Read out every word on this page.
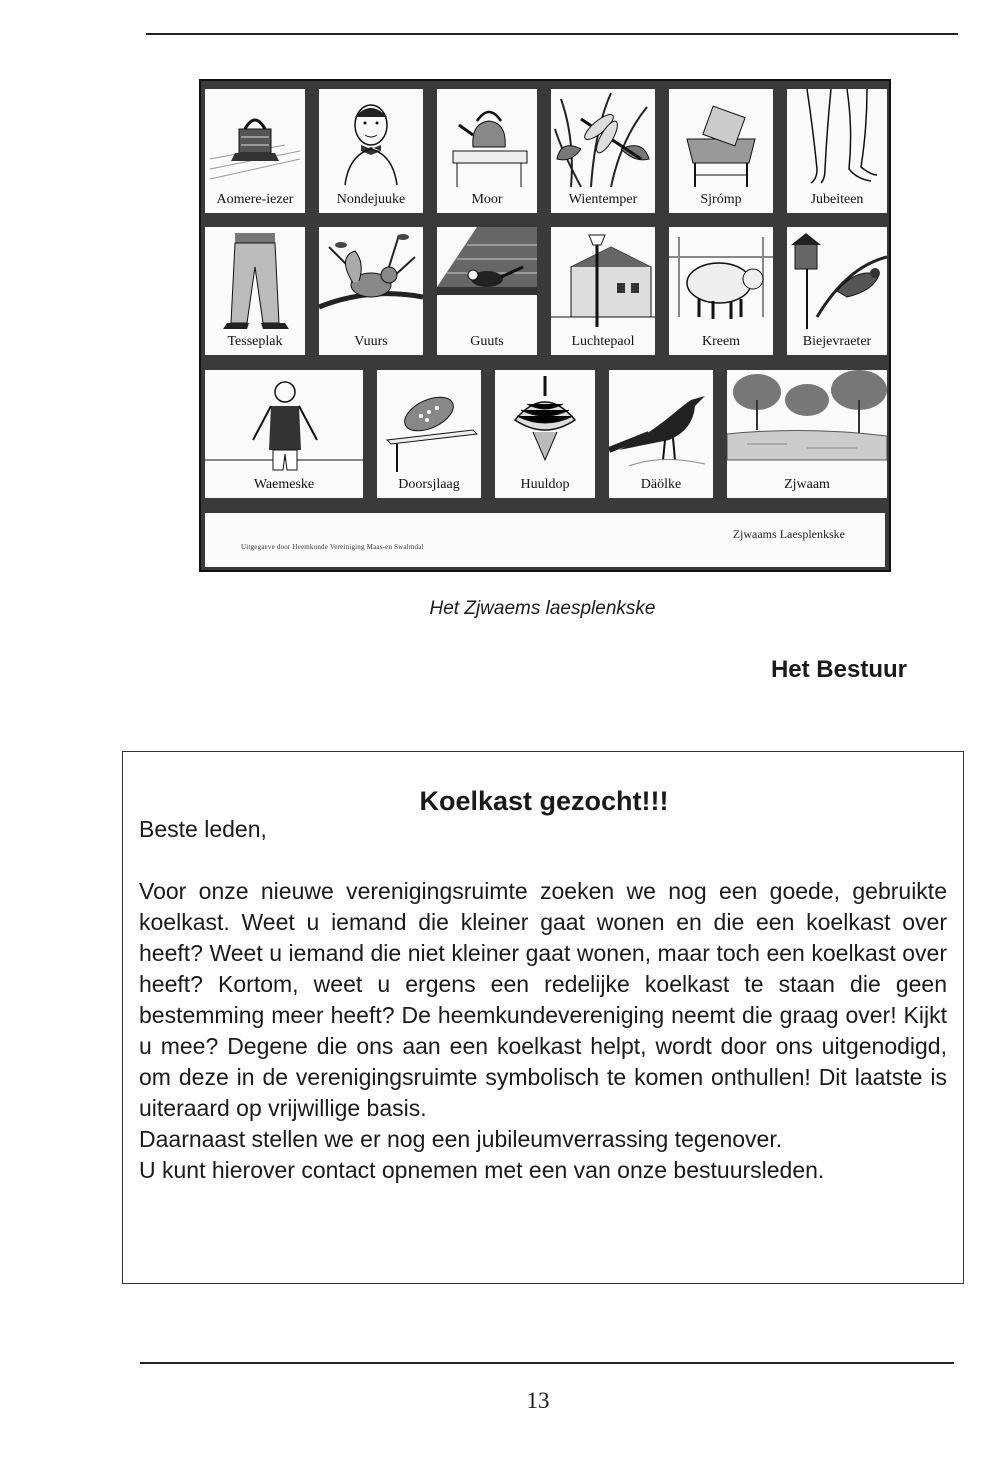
Aomere-iezer	Nondejuuke	Moor	Wientemper	Sjrómp	Jubeiteen
Tesseplak	Vuurs	Guuts	Luchtepaol	Kreem	Biejevraeter
Waemeske	Doorsjlaag	Huuldop	Däölke	Zjwaam
Uitgegaeve door Heemkunde Vereiniging Maas-en Swalmdal
Zjwaams Laesplenkske
Het Zjwaems laesplenkske
Het Bestuur
Koelkast gezocht!!!
Beste leden,

Voor onze nieuwe verenigingsruimte zoeken we nog een goede, gebruikte koelkast. Weet u iemand die kleiner gaat wonen en die een koelkast over heeft? Weet u iemand die niet kleiner gaat wonen, maar toch een koelkast over heeft? Kortom, weet u ergens een redelijke koelkast te staan die geen bestemming meer heeft? De heemkundevereniging neemt die graag over! Kijkt u mee? Degene die ons aan een koelkast helpt, wordt door ons uitgenodigd, om deze in de verenigingsruimte symbolisch te komen onthullen! Dit laatste is uiteraard op vrijwillige basis.

Daarnaast stellen we er nog een jubileumverrassing tegenover.

U kunt hierover contact opnemen met een van onze bestuursleden.

13
